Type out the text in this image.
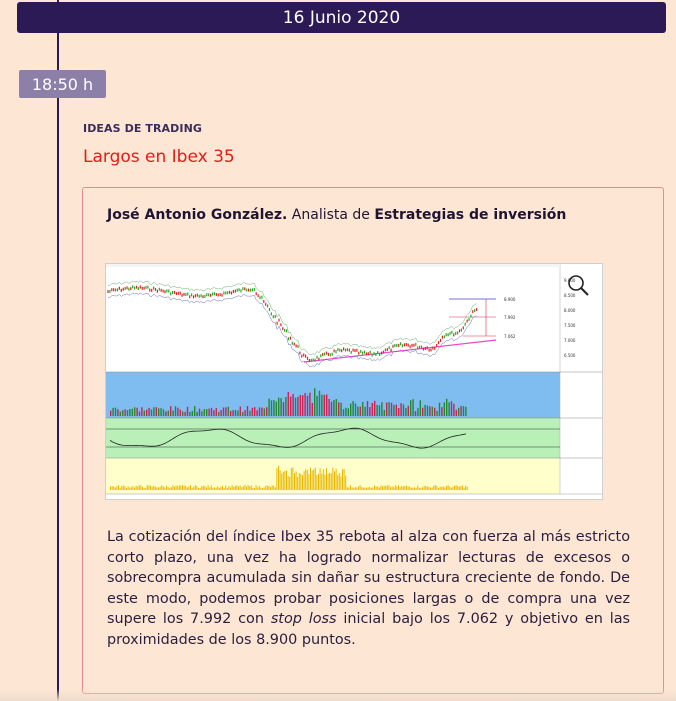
16 Junio 2020
18:50 h
IDEAS DE TRADING
Largos en Ibex 35
José Antonio González. Analista de Estrategias de inversión
8.900
7.992
7.062
9.000
8.500
8.000
7.500
7.000
6.500
La cotización del índice Ibex 35 rebota al alza con fuerza al más estricto corto plazo, una vez ha logrado normalizar lecturas de excesos o sobrecompra acumulada sin dañar su estructura creciente de fondo. De este modo, podemos probar posiciones largas o de compra una vez supere los 7.992 con stop loss inicial bajo los 7.062 y objetivo en las proximidades de los 8.900 puntos.
